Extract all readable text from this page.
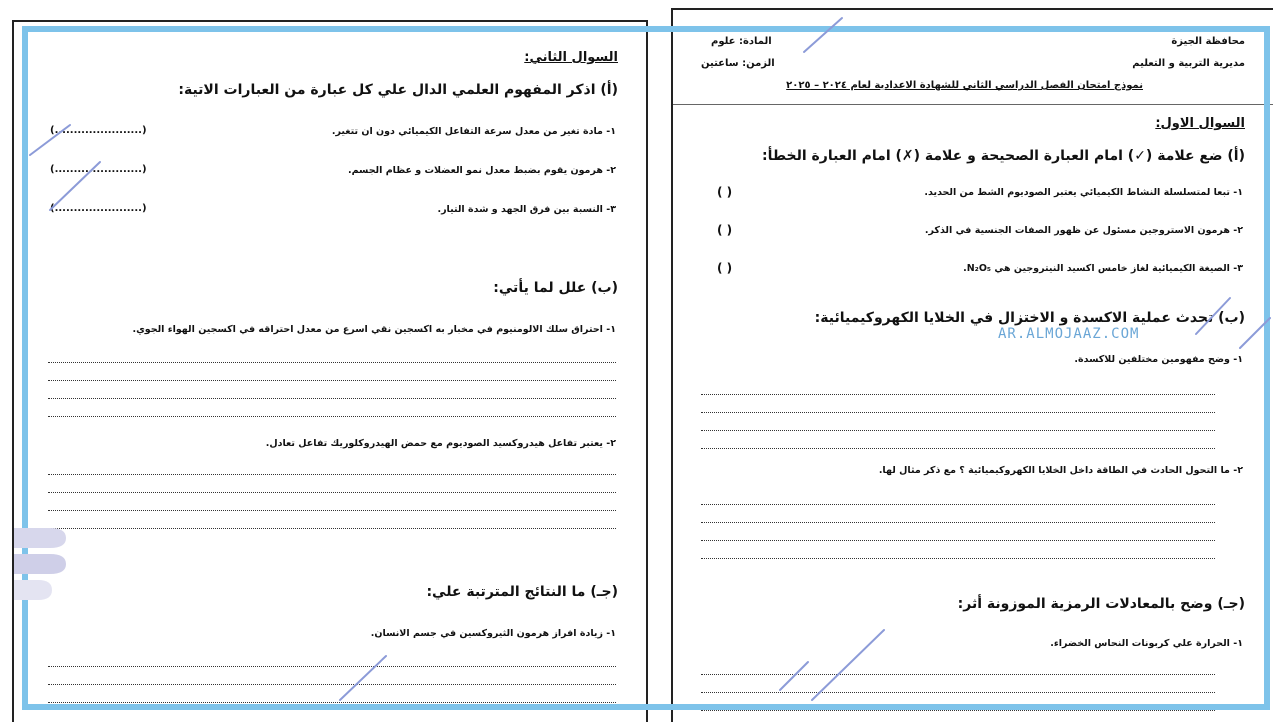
السوال الثاني:
(أ) اذكر المفهوم العلمي الدال علي كل عبارة من العبارات الاتية:
١- مادة تغير من معدل سرعة التفاعل الكيميائي دون ان تتغير.
(.......................)
٢- هرمون يقوم بضبط معدل نمو العضلات و عظام الجسم.
(.......................)
٣- النسبة بين فرق الجهد و شدة التيار.
(.......................)
(ب) علل لما يأتي:
١- احتراق سلك الالومنيوم في مخبار به اكسجين نقي اسرع من معدل احتراقه في اكسجين الهواء الجوي.
٢- يعتبر تفاعل هيدروكسيد الصوديوم مع حمض الهيدروكلوريك تفاعل تعادل.
(جـ) ما النتائج المترتبة علي:
١- زيادة افراز هرمون الثيروكسين في جسم الانسان.
محافظة الجيزة
مديرية التربية و التعليم
المادة: علوم
الزمن: ساعتين
نموذج امتحان الفصل الدراسي الثاني للشهادة الاعدادية لعام ٢٠٢٤ – ٢٠٢٥
السوال الاول:
(أ) ضع علامة (✓) امام العبارة الصحيحة و علامة (✗) امام العبارة الخطأ:
١- تبعا لمتسلسلة النشاط الكيميائي يعتبر الصوديوم الشط من الحديد.
( )
٢- هرمون الاستروجين مسئول عن ظهور الصفات الجنسية في الذكر.
( )
٣- الصيغة الكيميائية لغاز خامس اكسيد النيتروجين هي N₂O₅.
( )
(ب) تحدث عملية الاكسدة و الاختزال في الخلايا الكهروكيميائية:
١- وضح مفهومين مختلفين للاكسدة.
٢- ما التحول الحادث في الطاقة داخل الخلايا الكهروكيميائية ؟ مع ذكر مثال لها.
(جـ) وضح بالمعادلات الرمزية الموزونة أثر:
١- الحرارة علي كربونات النحاس الخضراء.
AR.ALMOJAAZ.COM
